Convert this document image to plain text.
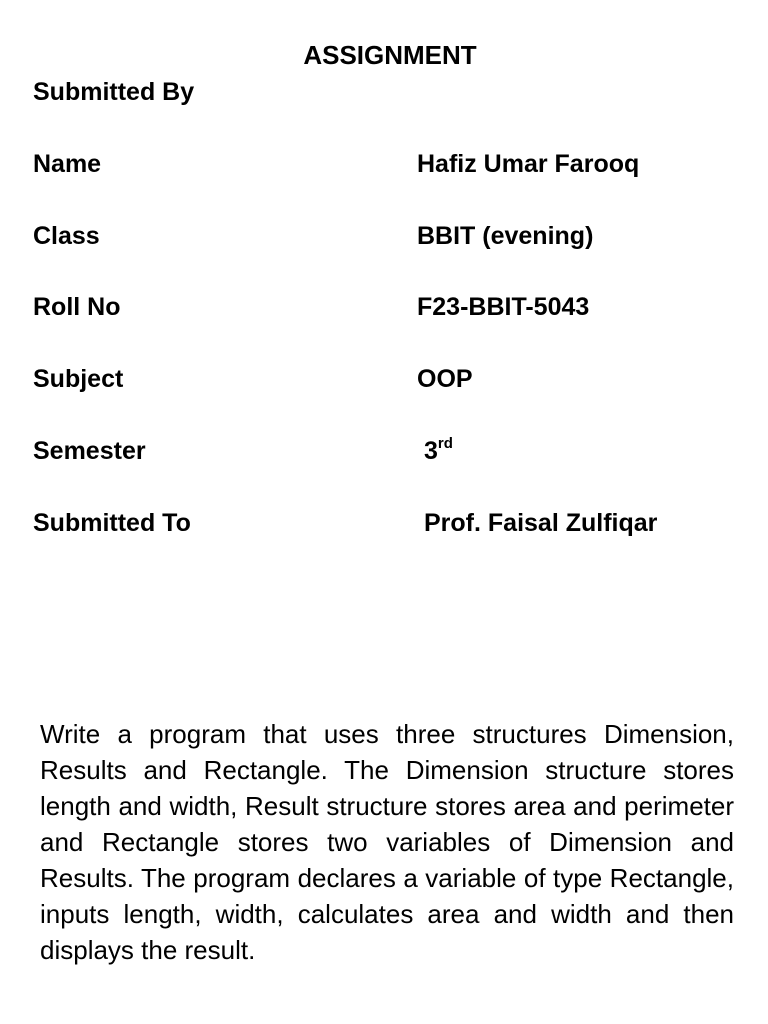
ASSIGNMENT
Submitted By
Name	Hafiz Umar Farooq
Class	BBIT (evening)
Roll No	F23-BBIT-5043
Subject	OOP
Semester	3rd
Submitted To	Prof. Faisal Zulfiqar
Write a program that uses three structures Dimension, Results and Rectangle. The Dimension structure stores length and width, Result structure stores area and perimeter and Rectangle stores two variables of Dimension and Results. The program declares a variable of type Rectangle, inputs length, width, calculates area and width and then displays the result.
